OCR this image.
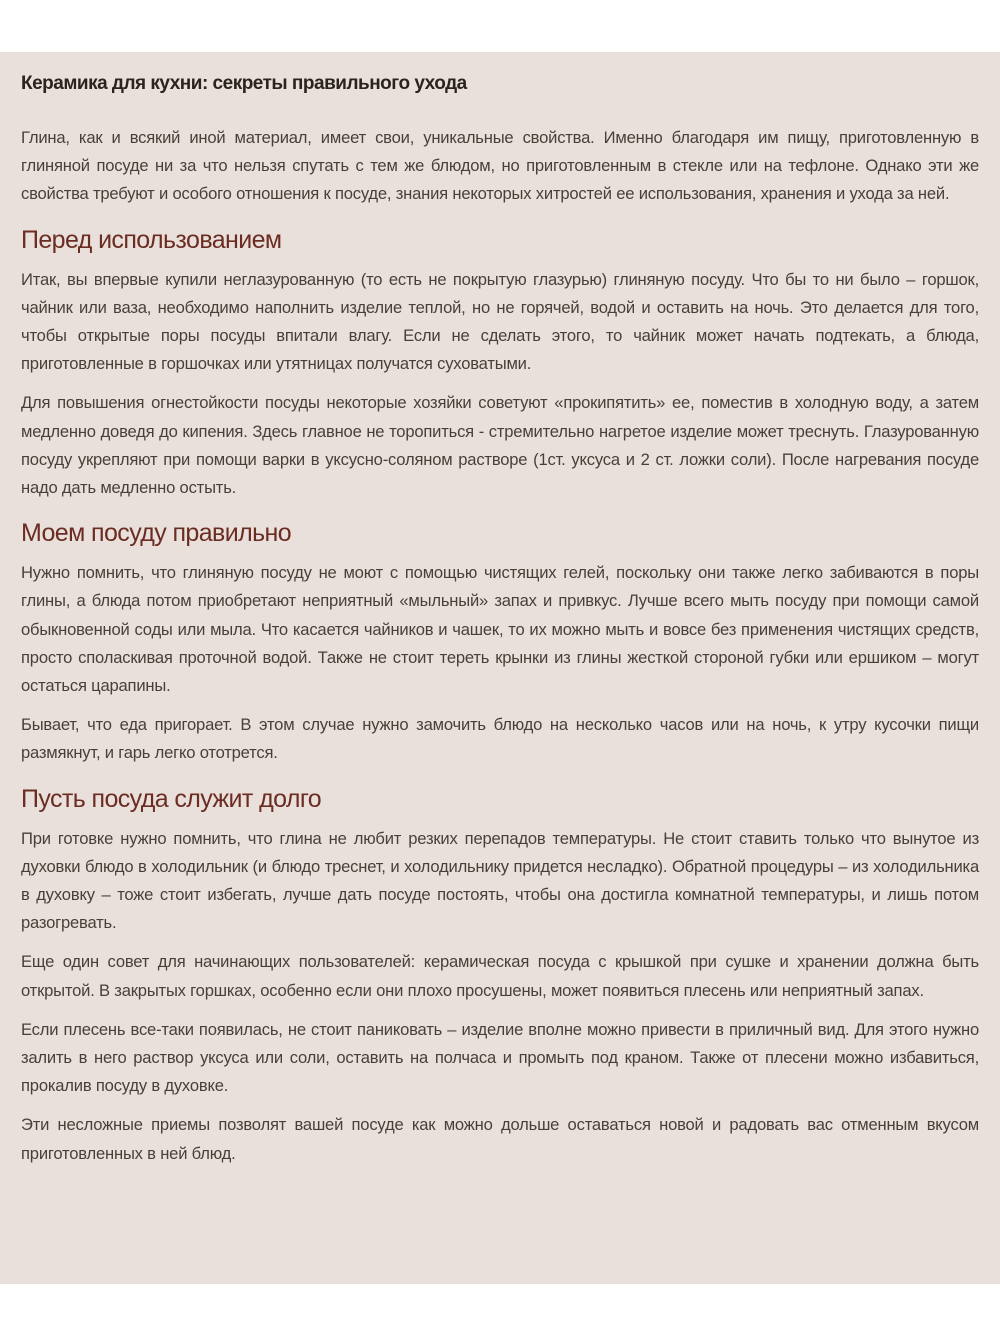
Керамика для кухни: секреты правильного ухода

Глина, как и всякий иной материал, имеет свои, уникальные свойства. Именно благодаря им пищу, приготовленную в глиняной посуде ни за что нельзя спутать с тем же блюдом, но приготовленным в стекле или на тефлоне. Однако эти же свойства требуют и особого отношения к посуде, знания некоторых хитростей ее использования, хранения и ухода за ней.

Перед использованием

Итак, вы впервые купили неглазурованную (то есть не покрытую глазурью) глиняную посуду. Что бы то ни было – горшок, чайник или ваза, необходимо наполнить изделие теплой, но не горячей, водой и оставить на ночь. Это делается для того, чтобы открытые поры посуды впитали влагу. Если не сделать этого, то чайник может начать подтекать, а блюда, приготовленные в горшочках или утятницах получатся суховатыми.

Для повышения огнестойкости посуды некоторые хозяйки советуют «прокипятить» ее, поместив в холодную воду, а затем медленно доведя до кипения. Здесь главное не торопиться - стремительно нагретое изделие может треснуть. Глазурованную посуду укрепляют при помощи варки в уксусно-соляном растворе (1ст. уксуса и 2 ст. ложки соли). После нагревания посуде надо дать медленно остыть.

Моем посуду правильно

Нужно помнить, что глиняную посуду не моют с помощью чистящих гелей, поскольку они также легко забиваются в поры глины, а блюда потом приобретают неприятный «мыльный» запах и привкус. Лучше всего мыть посуду при помощи самой обыкновенной соды или мыла. Что касается чайников и чашек, то их можно мыть и вовсе без применения чистящих средств, просто споласкивая проточной водой. Также не стоит тереть крынки из глины жесткой стороной губки или ершиком – могут остаться царапины.

Бывает, что еда пригорает. В этом случае нужно замочить блюдо на несколько часов или на ночь, к утру кусочки пищи размякнут, и гарь легко ототрется.

Пусть посуда служит долго

При готовке нужно помнить, что глина не любит резких перепадов температуры. Не стоит ставить только что вынутое из духовки блюдо в холодильник (и блюдо треснет, и холодильнику придется несладко). Обратной процедуры – из холодильника в духовку – тоже стоит избегать, лучше дать посуде постоять, чтобы она достигла комнатной температуры, и лишь потом разогревать.

Еще один совет для начинающих пользователей: керамическая посуда с крышкой при сушке и хранении должна быть открытой. В закрытых горшках, особенно если они плохо просушены, может появиться плесень или неприятный запах.

Если плесень все-таки появилась, не стоит паниковать – изделие вполне можно привести в приличный вид. Для этого нужно залить в него раствор уксуса или соли, оставить на полчаса и промыть под краном. Также от плесени можно избавиться, прокалив посуду в духовке.

Эти несложные приемы позволят вашей посуде как можно дольше оставаться новой и радовать вас отменным вкусом приготовленных в ней блюд.
